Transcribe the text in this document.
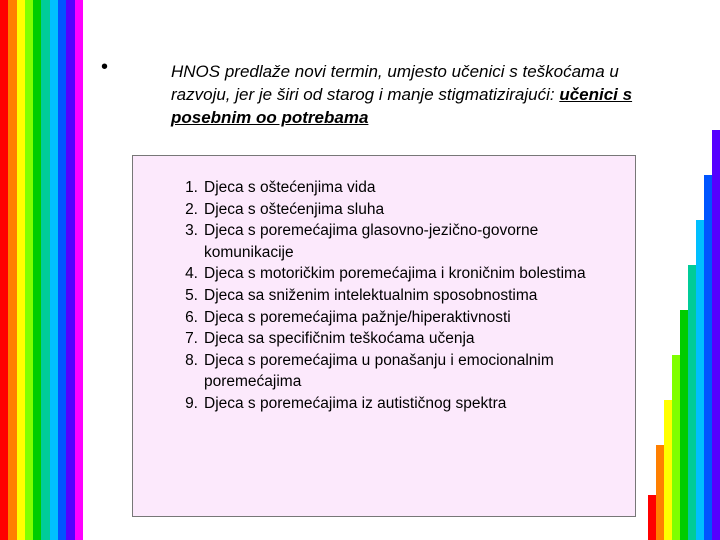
•	HNOS predlaže novi termin, umjesto učenici s teškoćama u razvoju, jer je širi od starog i manje stigmatizirajući: učenici s posebnim oo potrebama
1. Djeca s oštećenjima vida
2. Djeca s oštećenjima sluha
3. Djeca s poremećajima glasovno-jezično-govorne komunikacije
4. Djeca s motoričkim poremećajima i kroničnim bolestima
5. Djeca sa sniženim intelektualnim sposobnostima
6. Djeca s poremećajima pažnje/hiperaktivnosti
7. Djeca sa specifičnim teškoćama učenja
8. Djeca s poremećajima u ponašanju i emocionalnim poremećajima
9. Djeca s poremećajima iz autističnog spektra
